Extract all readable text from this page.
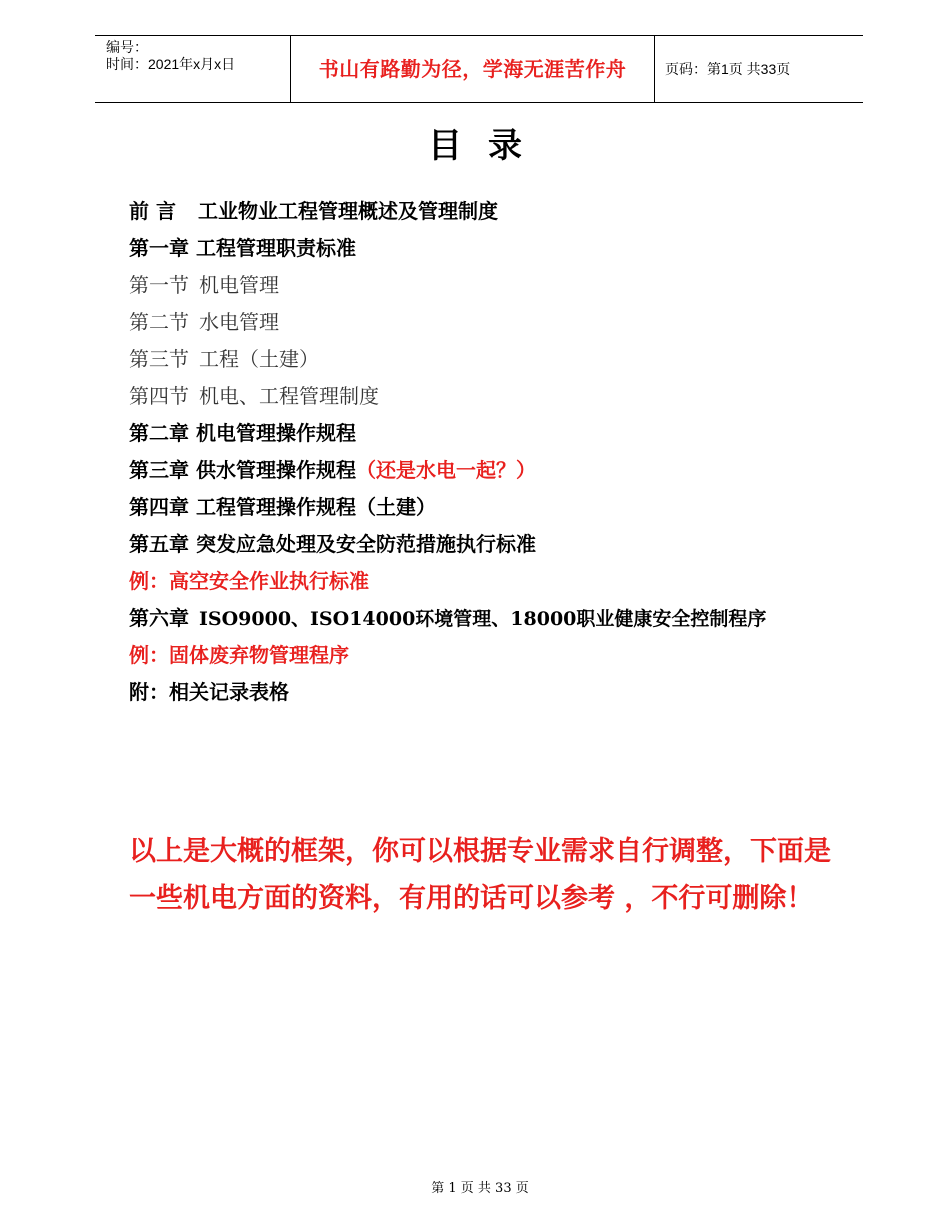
编号：
时间：2021年x月x日	书山有路勤为径，学海无涯苦作舟	页码：第1页 共33页
目录
前 言 工业物业工程管理概述及管理制度
第一章 工程管理职责标准
第一节 机电管理
第二节 水电管理
第三节 工程（土建）
第四节 机电、工程管理制度
第二章 机电管理操作规程
第三章 供水管理操作规程（还是水电一起？）
第四章 工程管理操作规程（土建）
第五章 突发应急处理及安全防范措施执行标准
例：高空安全作业执行标准
第六章 ISO9000、ISO14000环境管理、18000职业健康安全控制程序
例：固体废弃物管理程序
附：相关记录表格
以上是大概的框架，你可以根据专业需求自行调整，下面是一些机电方面的资料，有用的话可以参考 ，不行可删除！
第 1 页 共 33 页
